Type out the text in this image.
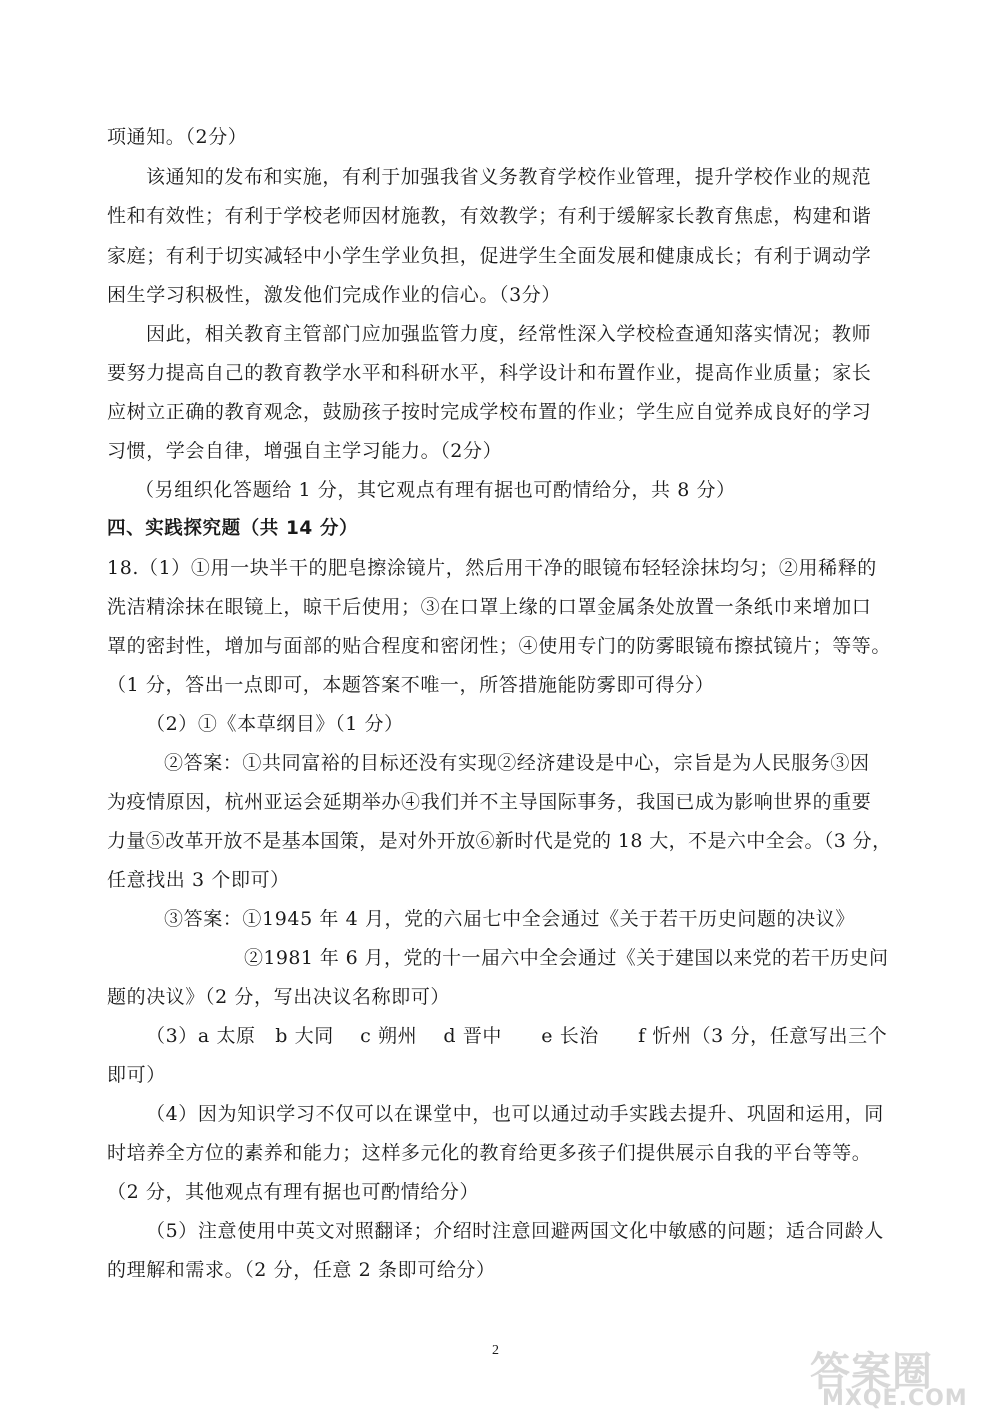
项通知。（2分）
该通知的发布和实施，有利于加强我省义务教育学校作业管理，提升学校作业的规范
性和有效性；有利于学校老师因材施教，有效教学；有利于缓解家长教育焦虑，构建和谐
家庭；有利于切实减轻中小学生学业负担，促进学生全面发展和健康成长；有利于调动学
困生学习积极性，激发他们完成作业的信心。（3分）
因此，相关教育主管部门应加强监管力度，经常性深入学校检查通知落实情况；教师
要努力提高自己的教育教学水平和科研水平，科学设计和布置作业，提高作业质量；家长
应树立正确的教育观念，鼓励孩子按时完成学校布置的作业；学生应自觉养成良好的学习
习惯，学会自律，增强自主学习能力。（2分）
（另组织化答题给 1 分，其它观点有理有据也可酌情给分，共 8 分）
四、实践探究题（共 14 分）
18.（1）①用一块半干的肥皂擦涂镜片，然后用干净的眼镜布轻轻涂抹均匀；②用稀释的
洗洁精涂抹在眼镜上，晾干后使用；③在口罩上缘的口罩金属条处放置一条纸巾来增加口
罩的密封性，增加与面部的贴合程度和密闭性；④使用专门的防雾眼镜布擦拭镜片；等等。
（1 分，答出一点即可，本题答案不唯一，所答措施能防雾即可得分）
（2）①《本草纲目》（1 分）
②答案：①共同富裕的目标还没有实现②经济建设是中心，宗旨是为人民服务③因
为疫情原因，杭州亚运会延期举办④我们并不主导国际事务，我国已成为影响世界的重要
力量⑤改革开放不是基本国策，是对外开放⑥新时代是党的 18 大，不是六中全会。（3 分，
任意找出 3 个即可）
③答案：①1945 年 4 月，党的六届七中全会通过《关于若干历史问题的决议》
②1981 年 6 月，党的十一届六中全会通过《关于建国以来党的若干历史问
题的决议》（2 分，写出决议名称即可）
（3）a 太原　b 大同　 c 朔州　 d 晋中　　e 长治　　f 忻州（3 分，任意写出三个
即可）
（4）因为知识学习不仅可以在课堂中，也可以通过动手实践去提升、巩固和运用，同
时培养全方位的素养和能力；这样多元化的教育给更多孩子们提供展示自我的平台等等。
（2 分，其他观点有理有据也可酌情给分）
（5）注意使用中英文对照翻译；介绍时注意回避两国文化中敏感的问题；适合同龄人
的理解和需求。（2 分，任意 2 条即可给分）
2	答案圈
MXQE.COM
